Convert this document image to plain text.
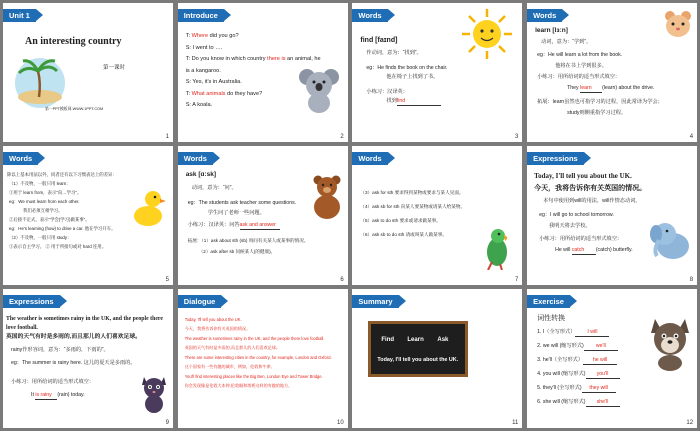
Unit 1
An interesting country
第一课时
第一PPT模板网-WWW.1PPT.COM
1
Introduce
T: Where did you go?
S: I went to ….
T: Do you know in which country there is an animal, he
is a kangaroo.
S: Yes, it's in Australia.
T: What animals do they have?
S: A koala.
2
Words
find [faɪnd]
作动词，意为：“找到”。
eg：He finds the book on the chair.
他在椅子上找到了书。
小练习：汉译英：
找到find
3
Words
learn [lɜːn]
动词，意为：“学到”。
eg：He will learn a lot from the book.
他将在书上学到很多。
小练习：用所给词的适当形式填空：
They learn (learn) about the drive.
拓展：learn虽然也可指学习的过程，因此常译为学会；
study则侧重指学习过程。
4
Words
除以上基本用法以外，同者还有以下习惯表达上的差异：
（1）不及物，一般只用 learn：
①用于 learn from，表示“向…学习”。
eg：We must learn from each other.
我们必须互相学习。
②后接不定式，表示“学会(学习)做某事”。
eg：He's learning (how) to drive a car. 他在学习开车。
（2）不及物，一般只用 study：
①表示自主学习。 ② 用于所接句或对 hard 连用。
5
Words
ask [ɑːsk]
动词，意为：“问”。
eg：The students ask teacher some questions.
学生问了老师一些问题。
小练习：汉译英：问答ask and answer
拓展：（1）ask about sth (sb) 询问有关某人或某事的情况。
（2）ask after sb 问候某人(的健康)。
6
Words
（3）ask for sth 要求得到某物或要求与某人见面。
（4）ask sb for sth 向某人要某物或请某人给某物。
（5）ask to do sth 要求或请求做某事。
（6）ask sb to do sth 请或叫某人做某事。
7
Expressions
Today, I'll tell you about the UK.
今天，我将告诉你有关英国的情况。
本句中使用到will的用法，will作情态动词。
eg：I will go to school tomorrow.
我明天将去学校。
小练习：用所给词的适当形式填空：
He will catch (catch) butterfly.
8
Expressions
The weather is sometimes rainy in the UK, and the people there love football.
英国的天气有时是多雨的,而且那儿的人们喜欢足球。
rainy作形容词，意为：“多雨的，下雨的”。
eg：The summer is rainy here. 这儿的夏天是多雨的。
小练习：用所给词的适当形式填空：
It is rainy (rain) today.
9
Dialogue
Today, I'll tell you about the UK.
今天，我将告诉你有关英国的情况。
The weather is sometimes rainy in the UK, and the people there love football.
英国的天气有时是多雨的,而且那儿的人们喜欢足球。
There are some interesting cities in the country, for example, London and Oxford.
这个国家有一些有趣的城市，例如，伦敦和牛津。
You'll find interesting places like the Big Ben, London Eye and Tower Bridge.
你会发现像是伦敦大本钟,伦敦眼和塔桥这样的有趣的地方。
10
Summary
Find Learn Ask
Today, I'll tell you about the UK.
11
Exercise
词性转换
1. I（全写形式） I will
2. we will (缩写形式) we'll
3. he'll（全写形式） he will
4. you will (缩写形式) you'll
5. they'll (全写形式) they will
6. she will (缩写形式) she'll
12
